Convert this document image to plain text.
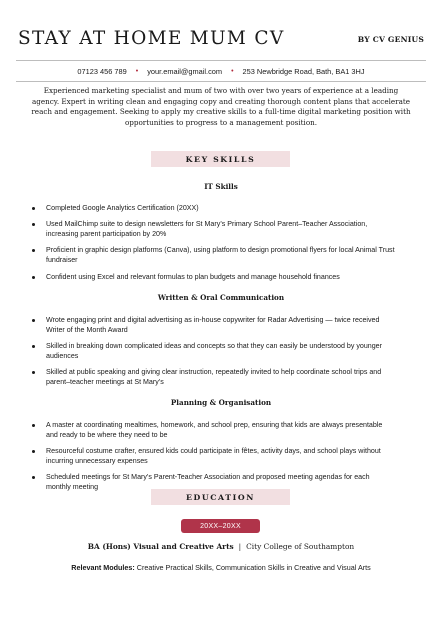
STAY AT HOME MUM CV	BY CV GENIUS
07123 456 789 • your.email@gmail.com • 253 Newbridge Road, Bath, BA1 3HJ
Experienced marketing specialist and mum of two with over two years of experience at a leading agency. Expert in writing clean and engaging copy and creating thorough content plans that accelerate reach and engagement. Seeking to apply my creative skills to a full-time digital marketing position with opportunities to progress to a management position.
KEY SKILLS
IT Skills
Completed Google Analytics Certification (20XX)
Used MailChimp suite to design newsletters for St Mary’s Primary School Parent–Teacher Association, increasing parent participation by 20%
Proficient in graphic design platforms (Canva), using platform to design promotional flyers for local Animal Trust fundraiser
Confident using Excel and relevant formulas to plan budgets and manage household finances
Written & Oral Communication
Wrote engaging print and digital advertising as in-house copywriter for Radar Advertising — twice received Writer of the Month Award
Skilled in breaking down complicated ideas and concepts so that they can easily be understood by younger audiences
Skilled at public speaking and giving clear instruction, repeatedly invited to help coordinate school trips and parent–teacher meetings at St Mary’s
Planning & Organisation
A master at coordinating mealtimes, homework, and school prep, ensuring that kids are always presentable and ready to be where they need to be
Resourceful costume crafter, ensured kids could participate in fêtes, activity days, and school plays without incurring unnecessary expenses
Scheduled meetings for St Mary’s Parent-Teacher Association and proposed meeting agendas for each monthly meeting
EDUCATION
20XX–20XX
BA (Hons) Visual and Creative Arts | City College of Southampton
Relevant Modules: Creative Practical Skills, Communication Skills in Creative and Visual Arts
